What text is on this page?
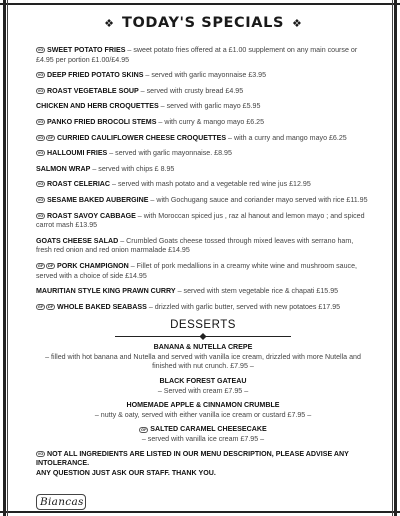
❖ TODAY'S SPECIALS ❖
VG SWEET POTATO FRIES – sweet potato fries offered at a £1.00 supplement on any main course or £4.95 per portion £1.00/£4.95
VG DEEP FRIED POTATO SKINS – served with garlic mayonnaise £3.95
VG ROAST VEGETABLE SOUP – served with crusty bread £4.95
CHICKEN AND HERB CROQUETTES – served with garlic mayo £5.95
VG PANKO FRIED BROCOLI STEMS – with curry & mango mayo £6.25
VG	GF CURRIED CAULIFLOWER CHEESE CROQUETTES – with a curry and mango mayo £6.25
VG HALLOUMI FRIES – served with garlic mayonnaise. £8.95
SALMON WRAP – served with chips £ 8.95
VG ROAST CELERIAC – served with mash potato and a vegetable red wine jus £12.95
VG SESAME BAKED AUBERGINE – with Gochugang sauce and coriander mayo served with rice £11.95
VG ROAST SAVOY CABBAGE – with Moroccan spiced jus , raz al hanout and lemon mayo ; and spiced carrot mash £13.95
GOATS CHEESE SALAD – Crumbled Goats cheese tossed through mixed leaves with serrano ham, fresh red onion and red onion marmalade £14.95
GF	DF PORK CHAMPIGNON – Fillet of pork medallions in a creamy white wine and mushroom sauce, served with a choice of side £14.95
MAURITIAN STYLE KING PRAWN CURRY – served with stem vegetable rice & chapati £15.95
GF	DF WHOLE BAKED SEABASS – drizzled with garlic butter, served with new potatoes £17.95
DESSERTS
BANANA & NUTELLA CREPE
– filled with hot banana and Nutella and served with vanilla ice cream, drizzled with more Nutella and finished with nut crunch. £7.95 –
BLACK FOREST GATEAU
– Served with cream £7.95 –
HOMEMADE APPLE & CINNAMON CRUMBLE
– nutty & oaty, served with either vanilla ice cream or custard £7.95 –
GF SALTED CARAMEL CHEESECAKE
– served with vanilla ice cream £7.95 –
VG NOT ALL INGREDIENTS ARE LISTED IN OUR MENU DESCRIPTION, PLEASE ADVISE ANY INTOLERANCE.
ANY QUESTION JUST ASK OUR STAFF. THANK YOU.
Biancas
